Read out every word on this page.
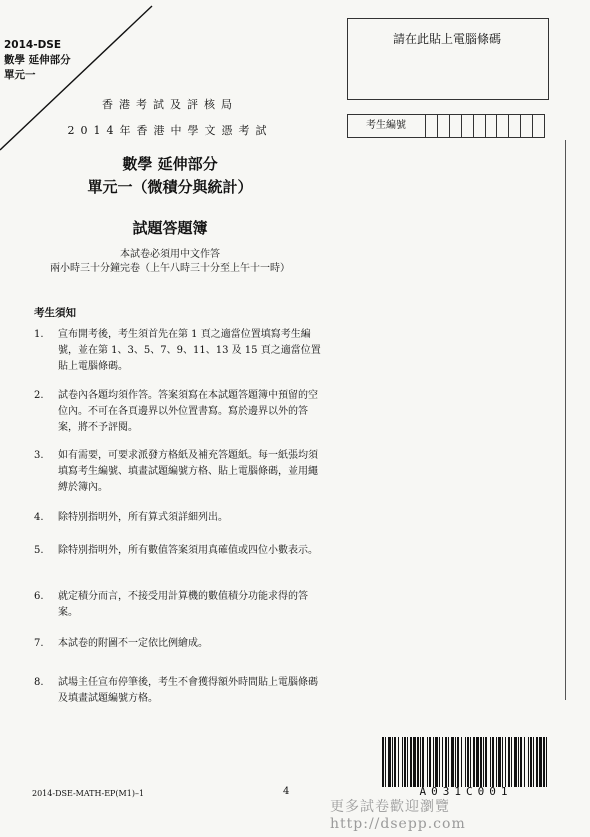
2014-DSE
數學 延伸部分
單元一
香港考試及評核局
2014年香港中學文憑考試
數學 延伸部分
單元一（微積分與統計）
試題答題簿
本試卷必須用中文作答
兩小時三十分鐘完卷（上午八時三十分至上午十一時）
請在此貼上電腦條碼
考生編號
考生須知
1. 宣布開考後，考生須首先在第 1 頁之適當位置填寫考生編號，並在第 1、3、5、7、9、11、13 及 15 頁之適當位置貼上電腦條碼。
2. 試卷內各題均須作答。答案須寫在本試題答題簿中預留的空位內。不可在各頁邊界以外位置書寫。寫於邊界以外的答案，將不予評閱。
3. 如有需要，可要求派發方格紙及補充答題紙。每一紙張均須填寫考生編號、填畫試題編號方格、貼上電腦條碼，並用繩縛於簿內。
4. 除特別指明外，所有算式須詳細列出。
5. 除特別指明外，所有數值答案須用真確值或四位小數表示。
6. 就定積分而言，不接受用計算機的數值積分功能求得的答案。
7. 本試卷的附圖不一定依比例繪成。
8. 試場主任宣布停筆後，考生不會獲得額外時間貼上電腦條碼及填畫試題編號方格。
A031C001
2014-DSE-MATH-EP(M1)–1	4
更多試卷歡迎瀏覽 http://dsepp.com
